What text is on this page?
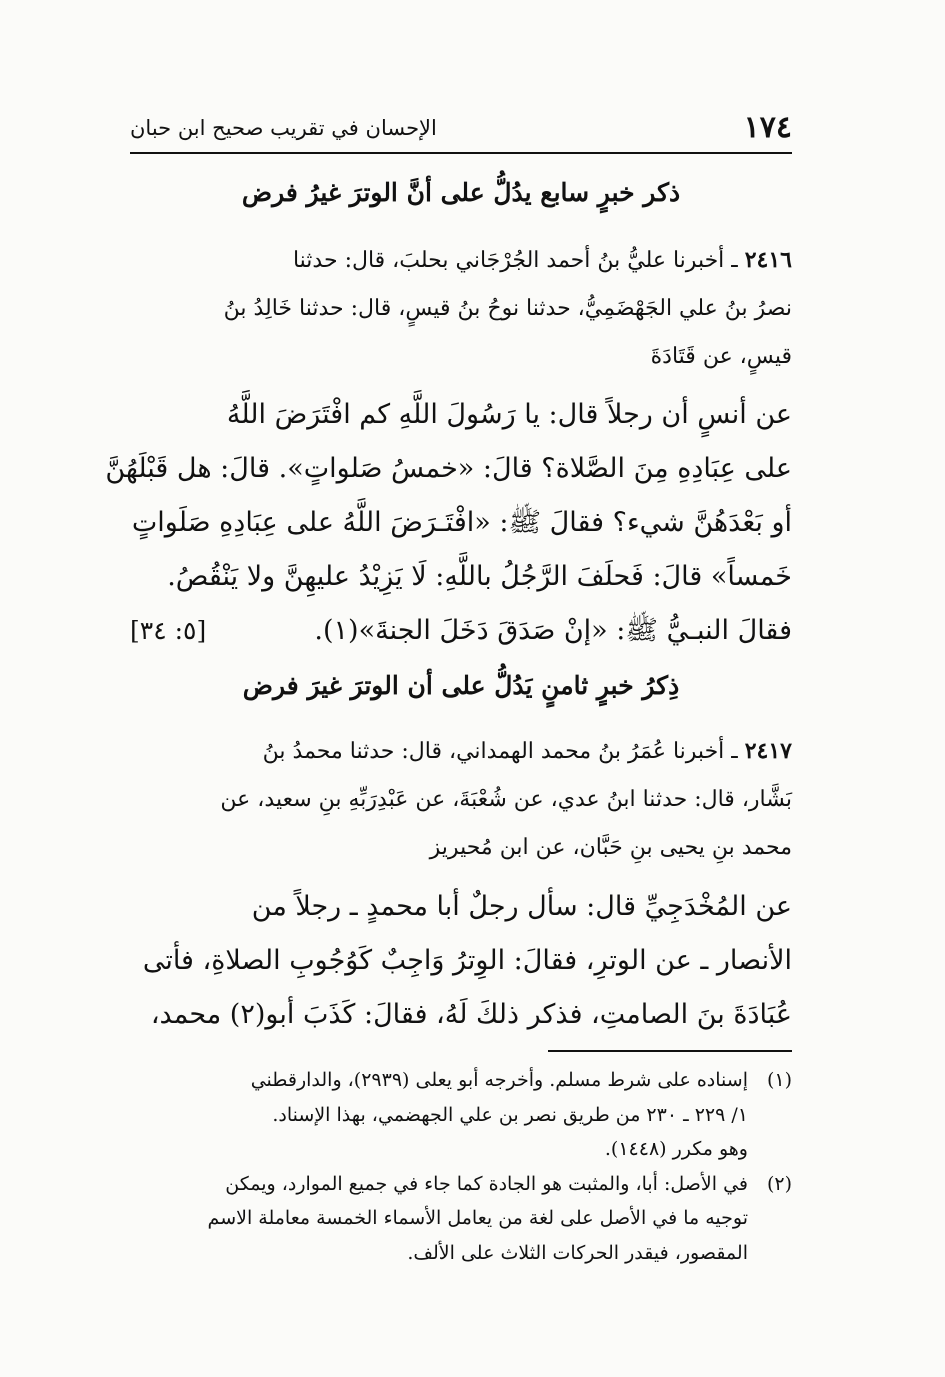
١٧٤
الإحسان في تقريب صحيح ابن حبان
ذكر خبرٍ سابع يدُلُّ على أنَّ الوترَ غيرُ فرض
٢٤١٦ ـ أخبرنا عليُّ بنُ أحمد الجُرْجَاني بحلبَ، قال: حدثنا
نصرُ بنُ علي الجَهْضَمِيُّ، حدثنا نوحُ بنُ قيسٍ، قال: حدثنا خَالِدُ بنُ
قيسٍ، عن قَتَادَةَ
عن أنسٍ أن رجلاً قال: يا رَسُولَ اللَّهِ كم افْتَرَضَ اللَّهُ
على عِبَادِهِ مِنَ الصَّلاة؟ قالَ: «خمسُ صَلواتٍ». قالَ: هل قَبْلَهُنَّ
أو بَعْدَهُنَّ شيء؟ فقالَ ﷺ: «افْتَـرَضَ اللَّهُ على عِبَادِهِ صَلَواتٍ
خَمساً» قالَ: فَحلَفَ الرَّجُلُ باللَّهِ: لَا يَزِيْدُ عليهِنَّ ولا يَنْقُصُ.
فقالَ النبـيُّ ﷺ: «إنْ صَدَقَ دَخَلَ الجنةَ»(١).
[٥: ٣٤]
ذِكرُ خبرٍ ثامنٍ يَدُلُّ على أن الوترَ غيرَ فرض
٢٤١٧ ـ أخبرنا عُمَرُ بنُ محمد الهمداني، قال: حدثنا محمدُ بنُ
بَشَّار، قال: حدثنا ابنُ عدي، عن شُعْبَةَ، عن عَبْدِرَبِّهِ بنِ سعيد، عن
محمد بنِ يحيى بنِ حَبَّان، عن ابن مُحيريز
عن المُخْدَجِيِّ قال: سأل رجلٌ أبا محمدٍ ـ رجلاً من
الأنصار ـ عن الوترِ، فقالَ: الوِترُ وَاجِبٌ كَوُجُوبِ الصلاةِ، فأتى
عُبَادَةَ بنَ الصامتِ، فذكر ذلكَ لَهُ، فقالَ: كَذَبَ أبو(٢) محمد،
(١)
إسناده على شرط مسلم. وأخرجه أبو يعلى (٢٩٣٩)، والدارقطني
١/ ٢٢٩ ـ ٢٣٠ من طريق نصر بن علي الجهضمي، بهذا الإسناد.
وهو مكرر (١٤٤٨).
(٢)
في الأصل: أبا، والمثبت هو الجادة كما جاء في جميع الموارد، ويمكن
توجيه ما في الأصل على لغة من يعامل الأسماء الخمسة معاملة الاسم
المقصور، فيقدر الحركات الثلاث على الألف.
